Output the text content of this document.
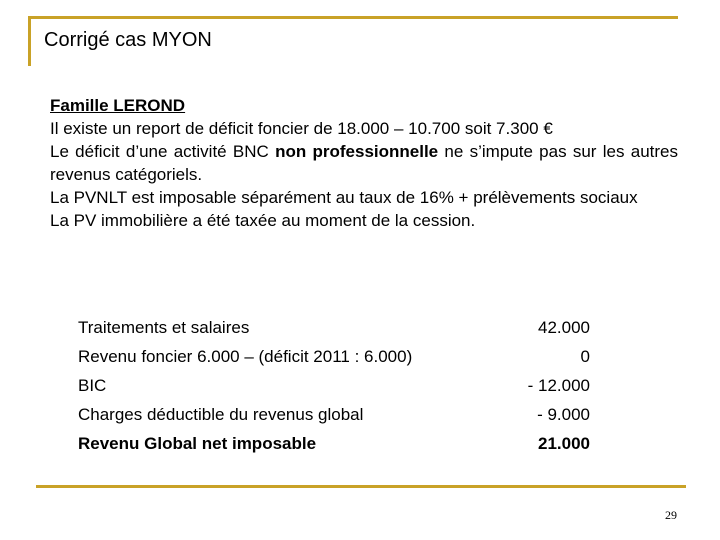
Corrigé cas MYON

Famille LEROND

Il existe un report de déficit foncier de 18.000 – 10.700 soit 7.300 €

Le déficit d’une activité BNC non professionnelle ne s’impute pas sur les autres revenus catégoriels.

La PVNLT est imposable séparément au taux de 16% + prélèvements sociaux

La PV immobilière a été taxée au moment de la cession.

Traitements et salaires	42.000
Revenu foncier 6.000 – (déficit 2011 : 6.000)	0
BIC	- 12.000
Charges déductible du revenus global	- 9.000
Revenu Global net imposable	21.000
29
